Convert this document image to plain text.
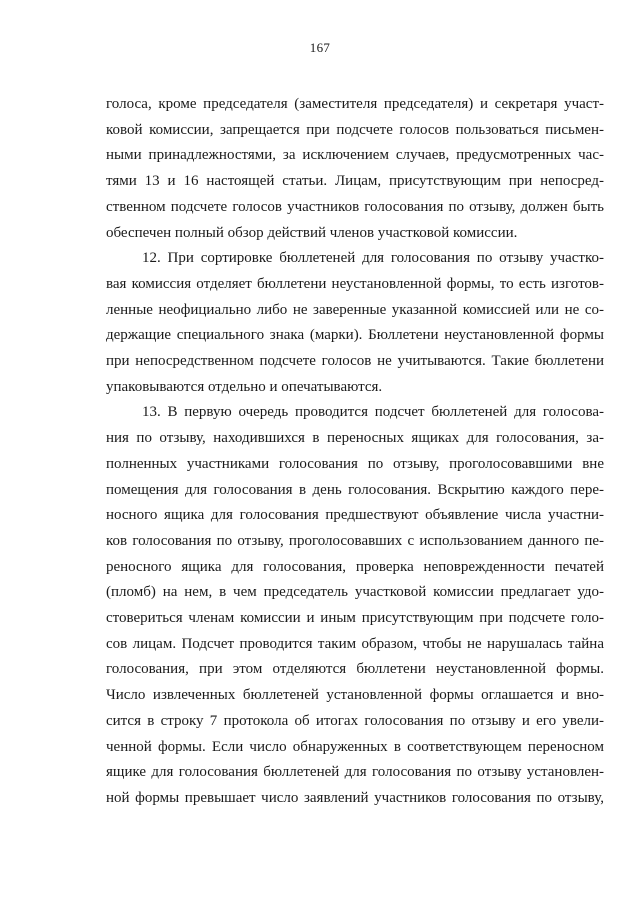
167
голоса, кроме председателя (заместителя председателя) и секретаря участ-
ковой комиссии, запрещается при подсчете голосов пользоваться письмен-
ными принадлежностями, за исключением случаев, предусмотренных час-
тями 13 и 16 настоящей статьи. Лицам, присутствующим при непосред-
ственном подсчете голосов участников голосования по отзыву, должен быть
обеспечен полный обзор действий членов участковой комиссии.
12. При сортировке бюллетеней для голосования по отзыву участко-
вая комиссия отделяет бюллетени неустановленной формы, то есть изготов-
ленные неофициально либо не заверенные указанной комиссией или не со-
держащие специального знака (марки). Бюллетени неустановленной формы
при непосредственном подсчете голосов не учитываются. Такие бюллетени
упаковываются отдельно и опечатываются.
13. В первую очередь проводится подсчет бюллетеней для голосова-
ния по отзыву, находившихся в переносных ящиках для голосования, за-
полненных участниками голосования по отзыву, проголосовавшими вне
помещения для голосования в день голосования. Вскрытию каждого пере-
носного ящика для голосования предшествуют объявление числа участни-
ков голосования по отзыву, проголосовавших с использованием данного пе-
реносного ящика для голосования, проверка неповрежденности печатей
(пломб) на нем, в чем председатель участковой комиссии предлагает удо-
стовериться членам комиссии и иным присутствующим при подсчете голо-
сов лицам. Подсчет проводится таким образом, чтобы не нарушалась тайна
голосования, при этом отделяются бюллетени неустановленной формы.
Число извлеченных бюллетеней установленной формы оглашается и вно-
сится в строку 7 протокола об итогах голосования по отзыву и его увели-
ченной формы. Если число обнаруженных в соответствующем переносном
ящике для голосования бюллетеней для голосования по отзыву установлен-
ной формы превышает число заявлений участников голосования по отзыву,
